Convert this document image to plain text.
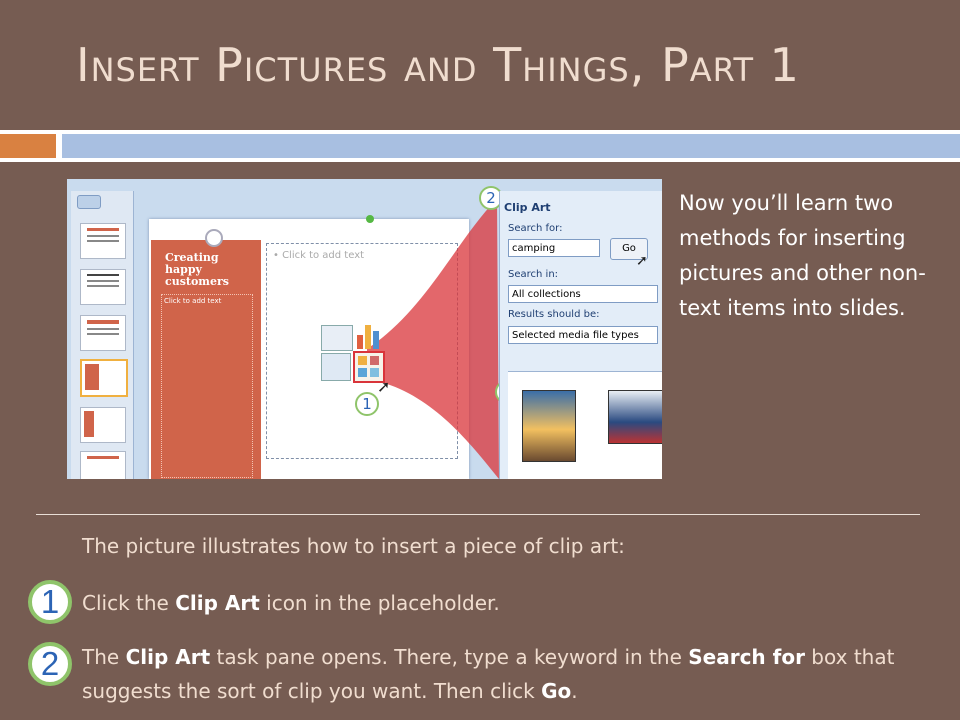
Insert Pictures and Things, Part 1
Creating happy customers
Click to add text
• Click to add text
➚
1
2
Clip Art
Search for:
camping	Go
➚
Search in:
All collections
Results should be:
Selected media file types
Now you’ll learn two methods for inserting pictures and other non-text items into slides.
The picture illustrates how to insert a piece of clip art:
1	Click the Clip Art icon in the placeholder.
2	The Clip Art task pane opens. There, type a keyword in the Search for box that suggests the sort of clip you want. Then click Go.
